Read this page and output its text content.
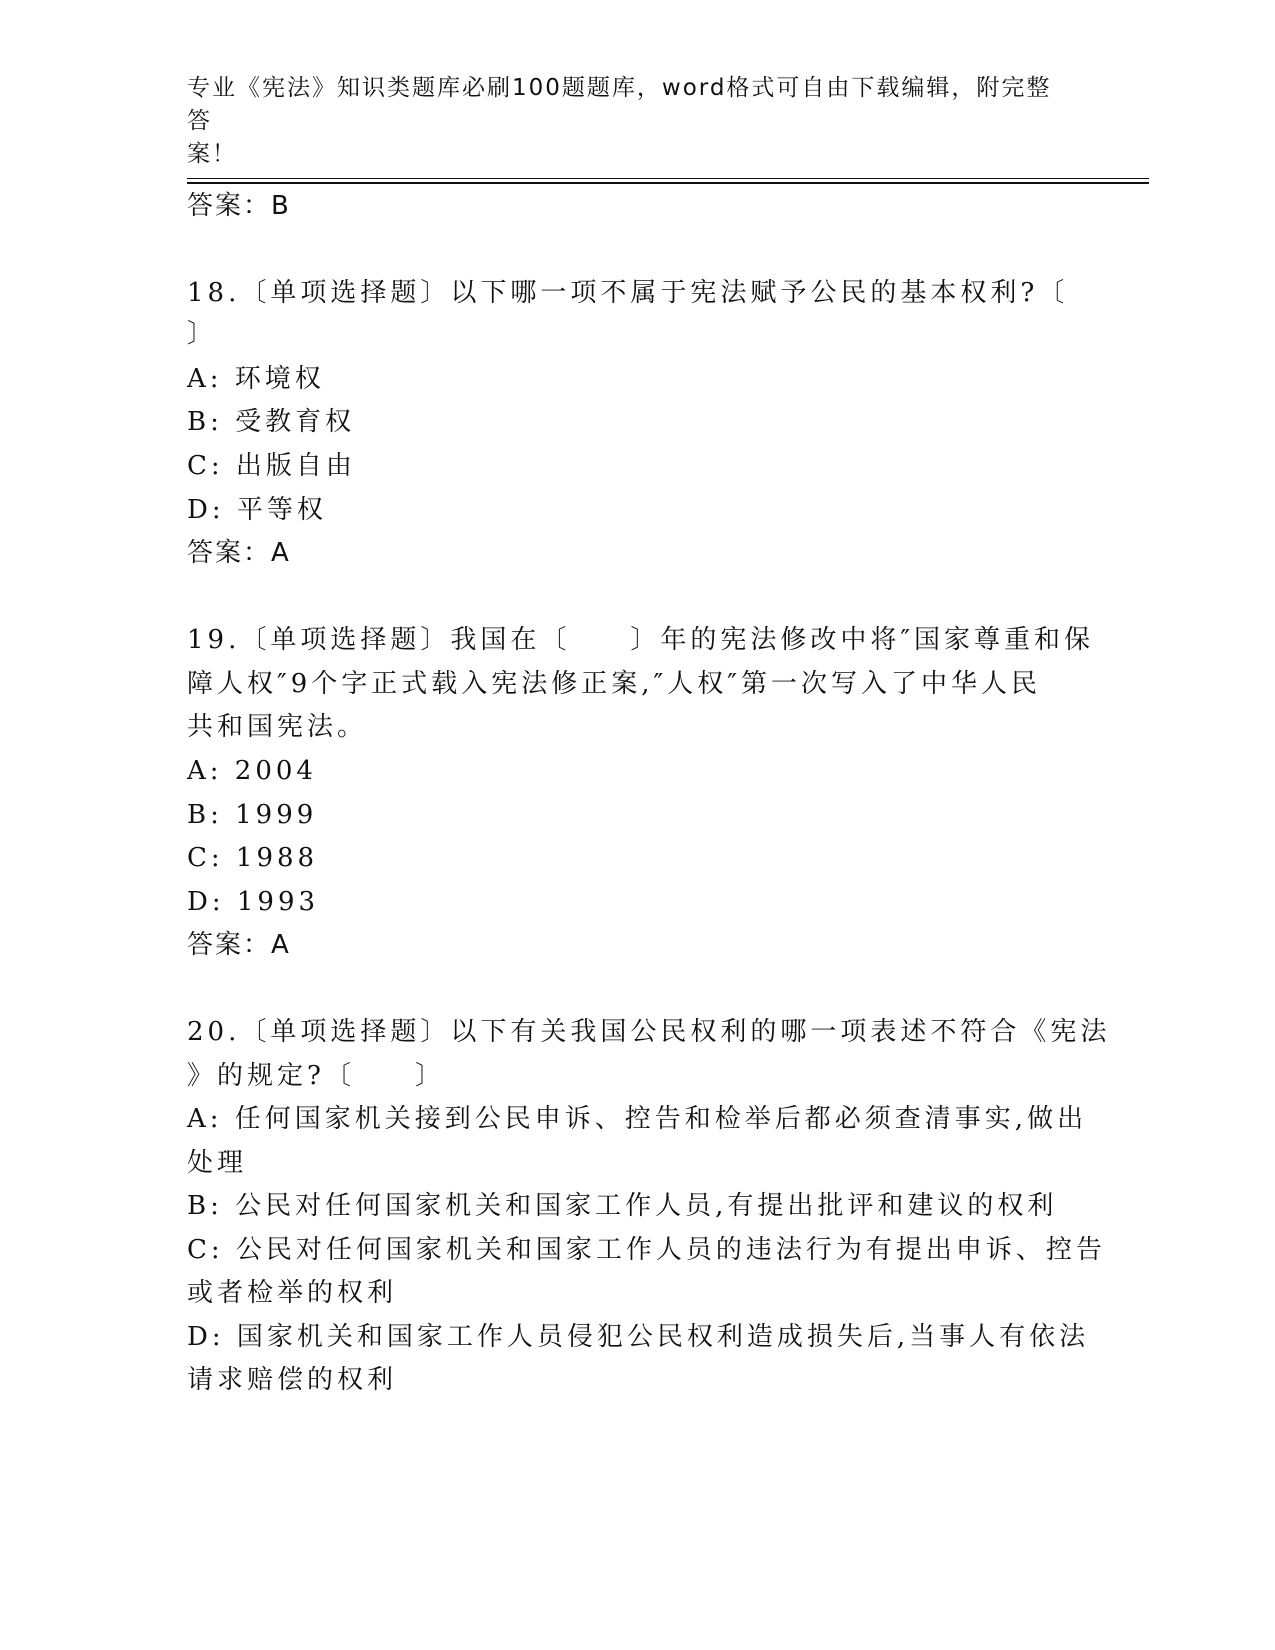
专业《宪法》知识类题库必刷100题题库，word格式可自由下载编辑，附完整答
案！
答案：B
18.〔单项选择题〕以下哪一项不属于宪法赋予公民的基本权利?〔
〕
A: 环境权
B: 受教育权
C: 出版自由
D: 平等权
答案：A
19.〔单项选择题〕我国在〔　　〕年的宪法修改中将″国家尊重和保
障人权″9个字正式载入宪法修正案,″人权″第一次写入了中华人民
共和国宪法。
A: 2004
B: 1999
C: 1988
D: 1993
答案：A
20.〔单项选择题〕以下有关我国公民权利的哪一项表述不符合《宪法
》的规定?〔　　〕
A: 任何国家机关接到公民申诉、控告和检举后都必须查清事实,做出
处理
B: 公民对任何国家机关和国家工作人员,有提出批评和建议的权利
C: 公民对任何国家机关和国家工作人员的违法行为有提出申诉、控告
或者检举的权利
D: 国家机关和国家工作人员侵犯公民权利造成损失后,当事人有依法
请求赔偿的权利
